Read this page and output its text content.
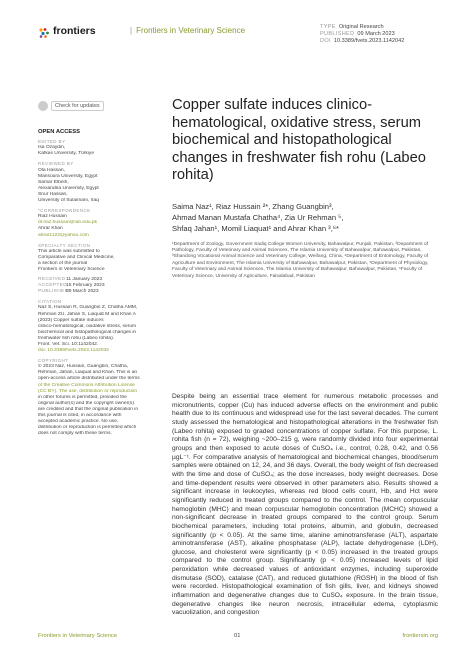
frontiers	| Frontiers in Veterinary Science	TYPE Original Research
PUBLISHED 09 March 2023
DOI 10.3389/fvets.2023.1142042
Check for updates
OPEN ACCESS
EDITED BY
Isa Özaydin,
Kafkas University, Türkiye
REVIEWED BY
Ola Hassan,
Mansoura University, Egypt
Samar Elbeih,
Alexandria University, Egypt
Snur Hassan,
University of Sulaimani, Iraq
*CORRESPONDENCE
Riaz Hussain
dr.riaz.hussain@iub.edu.pk
Ahrar Khan
ahrar1122@yahoo.com
SPECIALTY SECTION
This article was submitted to
Comparative and Clinical Medicine,
a section of the journal
Frontiers in Veterinary Science
RECEIVED 11 January 2023
ACCEPTED
15 February 2023
PUBLISHED
09 March 2023
CITATION
Naz S, Hussain R, Guangbin Z, Chatha AMM,
Rehman ZU, Jahan S, Liaquat M and Khan A
(2023) Copper sulfate induces
clinico-hematological, oxidative stress, serum
biochemical and histopathological changes in
freshwater fish rohu (Labeo rohita).
Front. Vet. Sci. 10:1142042.
doi: 10.3389/fvets.2023.1142042
COPYRIGHT
© 2023 Naz, Hussain, Guangbin, Chatha,
Rehman, Jahan, Liaquat and Khan. This is an
open-access article distributed under the terms
of the Creative Commons Attribution License
(CC BY). The use, distribution or reproduction
in other forums is permitted, provided the
original author(s) and the copyright owner(s)
are credited and that the original publication in
this journal is cited, in accordance with
accepted academic practice. No use,
distribution or reproduction is permitted which
does not comply with these terms.
Copper sulfate induces clinico-hematological, oxidative stress, serum biochemical and histopathological changes in freshwater fish rohu (Labeo rohita)
Saima Naz¹, Riaz Hussain ²*, Zhang Guangbin³,
Ahmad Manan Mustafa Chatha⁴, Zia Ur Rehman ⁵,
Shfaq Jahan¹, Momil Liaquat¹ and Ahrar Khan ³,⁶*
¹Department of Zoology, Government Sadiq College Women University, Bahawalpur, Punjab, Pakistan, ²Department of Pathology, Faculty of Veterinary and Animal Sciences, The Islamia University of Bahawalpur, Bahawalpur, Pakistan, ³Shandong Vocational Animal Science and Veterinary College, Weifang, China, ⁴Department of Entomology, Faculty of Agriculture and Environment, The Islamia University of Bahawalpur, Bahawalpur, Pakistan, ⁵Department of Physiology, Faculty of Veterinary and Animal Sciences, The Islamia University of Bahawalpur, Bahawalpur, Pakistan, ⁶Faculty of Veterinary Science, University of Agriculture, Faisalabad, Pakistan

Despite being an essential trace element for numerous metabolic processes and micronutrients, copper (Cu) has induced adverse effects on the environment and public health due to its continuous and widespread use for the last several decades. The current study assessed the hematological and histopathological alterations in the freshwater fish (Labeo rohita) exposed to graded concentrations of copper sulfate. For this purpose, L. rohita fish (n = 72), weighing ~200–215 g, were randomly divided into four experimental groups and then exposed to acute doses of CuSO₄ i.e., control, 0.28, 0.42, and 0.56 µgL⁻¹. For comparative analysis of hematological and biochemical changes, blood/serum samples were obtained on 12, 24, and 36 days. Overall, the body weight of fish decreased with the time and dose of CuSO₄; as the dose increases, body weight decreases. Dose and time-dependent results were observed in other parameters also. Results showed a significant increase in leukocytes, whereas red blood cells count, Hb, and Hct were significantly reduced in treated groups compared to the control. The mean corpuscular hemoglobin (MHC) and mean corpuscular hemoglobin concentration (MCHC) showed a non-significant decrease in treated groups compared to the control group. Serum biochemical parameters, including total proteins, albumin, and globulin, decreased significantly (p < 0.05). At the same time, alanine aminotransferase (ALT), aspartate aminotransferase (AST), alkaline phosphatase (ALP), lactate dehydrogenase (LDH), glucose, and cholesterol were significantly (p < 0.05) increased in the treated groups compared to the control group. Significantly (p < 0.05) increased levels of lipid peroxidation while decreased values of antioxidant enzymes, including superoxide dismutase (SOD), catalase (CAT), and reduced glutathione (RGSH) in the blood of fish were recorded. Histopathological examination of fish gills, liver, and kidneys showed inflammation and degenerative changes due to CuSO₄ exposure. In the brain tissue, degenerative changes like neuron necrosis, intracellular edema, cytoplasmic vacuolization, and congestion

Frontiers in Veterinary Science	01	frontiersin.org
